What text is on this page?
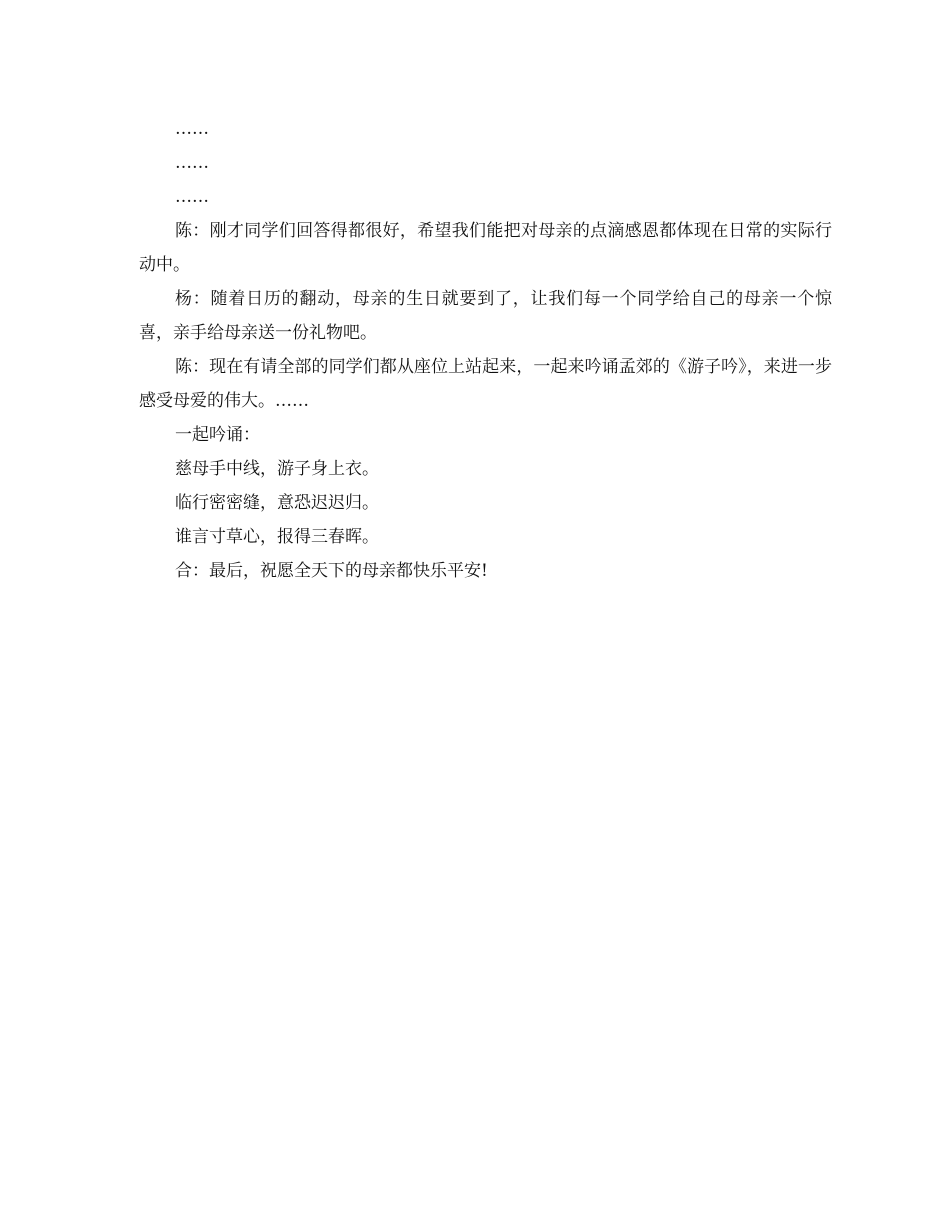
……

……

……

陈：刚才同学们回答得都很好，希望我们能把对母亲的点滴感恩都体现在日常的实际行动中。

杨：随着日历的翻动，母亲的生日就要到了，让我们每一个同学给自己的母亲一个惊喜，亲手给母亲送一份礼物吧。

陈：现在有请全部的同学们都从座位上站起来，一起来吟诵孟郊的《游子吟》，来进一步感受母爱的伟大。……

一起吟诵：

慈母手中线，游子身上衣。

临行密密缝，意恐迟迟归。

谁言寸草心，报得三春晖。

合：最后，祝愿全天下的母亲都快乐平安!
